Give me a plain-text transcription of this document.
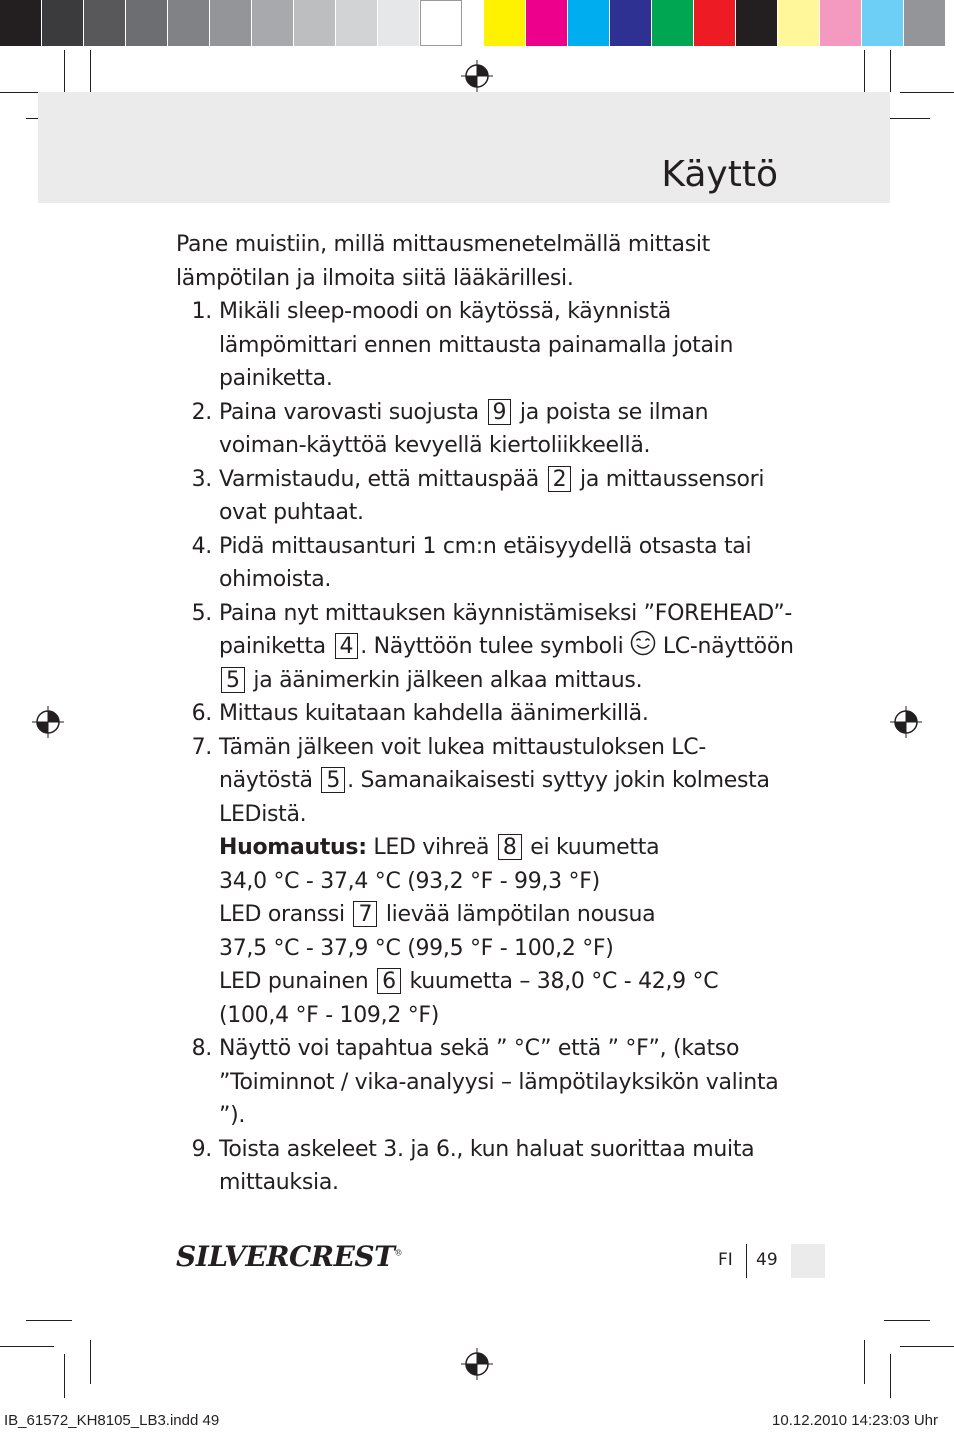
Käyttö

Pane muistiin, millä mittausmenetelmällä mittasit lämpötilan ja ilmoita siitä lääkärillesi.

1. Mikäli sleep-moodi on käytössä, käynnistä lämpömittari ennen mittausta painamalla jotain painiketta.
2. Paina varovasti suojusta 9 ja poista se ilman voiman-käyttöä kevyellä kiertoliikkeellä.
3. Varmistaudu, että mittauspää 2 ja mittaussensori ovat puhtaat.
4. Pidä mittausanturi 1 cm:n etäisyydellä otsasta tai ohimoista.
5. Paina nyt mittauksen käynnistämiseksi ”FOREHEAD”-painiketta 4 . Näyttöön tulee symboli LC-näyttöön 5 ja äänimerkin jälkeen alkaa mittaus.
6. Mittaus kuitataan kahdella äänimerkillä.
7. Tämän jälkeen voit lukea mittaustuloksen LC-näytöstä 5 . Samanaikaisesti syttyy jokin kolmesta LEDistä.
Huomautus: LED vihreä 8 ei kuumetta
34,0 °C - 37,4 °C (93,2 °F - 99,3 °F)
LED oranssi 7 lievää lämpötilan nousua
37,5 °C - 37,9 °C (99,5 °F - 100,2 °F)
LED punainen 6 kuumetta – 38,0 °C - 42,9 °C
(100,4 °F - 109,2 °F)
8. Näyttö voi tapahtua sekä ” °C” että ” °F”, (katso ”Toiminnot / vika-analyysi – lämpötilayksikön valinta ”).
9. Toista askeleet 3. ja 6., kun haluat suorittaa muita mittauksia.
SILVERCREST®	FI 49
IB_61572_KH8105_LB3.indd 49	10.12.2010 14:23:03 Uhr
